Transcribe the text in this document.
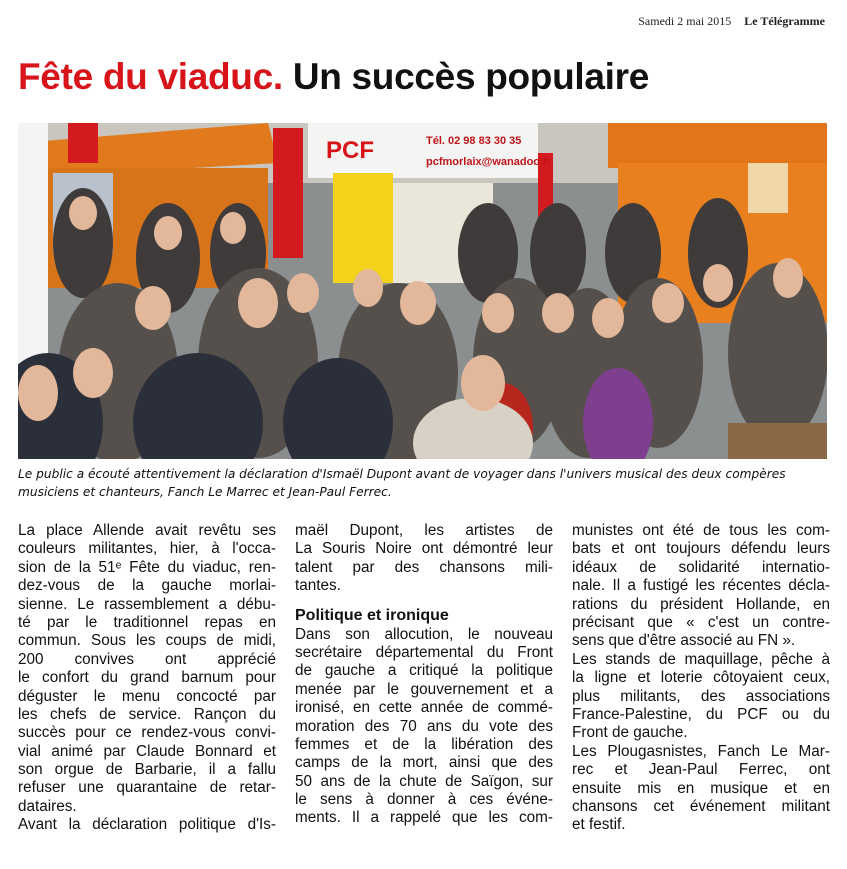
Samedi 2 mai 2015 Le Télégramme
Fête du viaduc. Un succès populaire
PCF	Tél. 02 98 83 30 35
pcfmorlaix@wanadoo.fr
Le public a écouté attentivement la déclaration d'Ismaël Dupont avant de voyager dans l'univers musical des deux compères
musiciens et chanteurs, Fanch Le Marrec et Jean-Paul Ferrec.

La place Allende avait revêtu ses

couleurs militantes, hier, à l'occa-

sion de la 51ᵉ Fête du viaduc, ren-

dez-vous de la gauche morlai-

sienne. Le rassemblement a débu-

té par le traditionnel repas en

commun. Sous les coups de midi,

200 convives ont apprécié

le confort du grand barnum pour

déguster le menu concocté par

les chefs de service. Rançon du

succès pour ce rendez-vous convi-

vial animé par Claude Bonnard et

son orgue de Barbarie, il a fallu

refuser une quarantaine de retar-

dataires.

Avant la déclaration politique d'Is-

maël Dupont, les artistes de

La Souris Noire ont démontré leur

talent par des chansons mili-

tantes.

Politique et ironique

Dans son allocution, le nouveau

secrétaire départemental du Front

de gauche a critiqué la politique

menée par le gouvernement et a

ironisé, en cette année de commé-

moration des 70 ans du vote des

femmes et de la libération des

camps de la mort, ainsi que des

50 ans de la chute de Saïgon, sur

le sens à donner à ces événe-

ments. Il a rappelé que les com-

munistes ont été de tous les com-

bats et ont toujours défendu leurs

idéaux de solidarité internatio-

nale. Il a fustigé les récentes décla-

rations du président Hollande, en

précisant que « c'est un contre-

sens que d'être associé au FN ».

Les stands de maquillage, pêche à

la ligne et loterie côtoyaient ceux,

plus militants, des associations

France-Palestine, du PCF ou du

Front de gauche.

Les Plougasnistes, Fanch Le Mar-

rec et Jean-Paul Ferrec, ont

ensuite mis en musique et en

chansons cet événement militant

et festif.
